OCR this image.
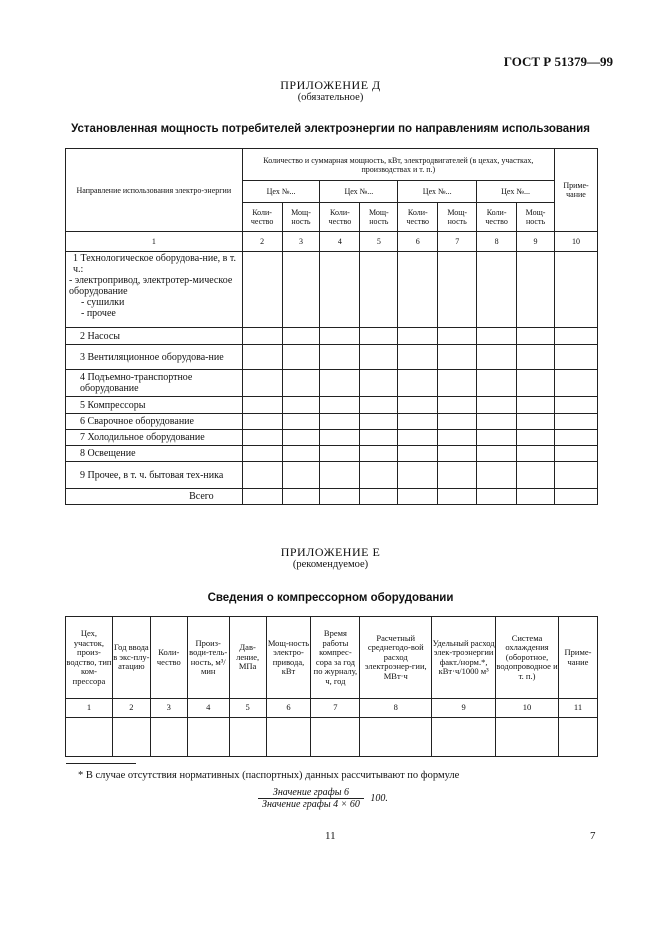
ГОСТ Р 51379—99
ПРИЛОЖЕНИЕ Д
(обязательное)
Установленная мощность потребителей электроэнергии по направлениям использования
Направление использования электро-энергии	Количество и суммарная мощность, кВт, электродвигателей (в цехах, участках, производствах и т. п.)								Приме-чание
	Цех №...		Цех №...		Цех №...		Цех №...		
	Коли-чество	Мощ-ность	Коли-чество	Мощ-ность	Коли-чество	Мощ-ность	Коли-чество	Мощ-ность	
1	2	3	4	5	6	7	8	9	10

1 Технологическое оборудова-ние, в т. ч.:
- электропривод, электротер-мическое оборудование
- сушилки
- прочее									

2 Насосы									
3 Вентиляционное оборудова-ние									
4 Подъемно-транспортное оборудование									
5 Компрессоры									
6 Сварочное оборудование									
7 Холодильное оборудование									
8 Освещение									
9 Прочее, в т. ч. бытовая тех-ника									
Всего									
ПРИЛОЖЕНИЕ Е
(рекомендуемое)
Сведения о компрессорном оборудовании
Цех, участок, произ-водство, тип ком-прессора	Год ввода в экс-плу-атацию	Коли-чество	Произ-води-тель-ность, м³/мин	Дав-ление, МПа	Мощ-ность электро-привода, кВт	Время работы компрес-сора за год по журналу, ч, год	Расчетный среднегодо-вой расход электроэнер-гии, МВт·ч	Удельный расход элек-троэнергии факт./норм.*, кВт·ч/1000 м³	Система охлаждения (оборотное, водопроводное и т. п.)	Приме-чание
1	2	3	4	5	6	7	8	9	10	11

* В случае отсутствия нормативных (паспортных) данных рассчитывают по формуле
$\frac{\text{Значение графы 6}}{\text{Значение графы 4 × 60}} 100$.
11	7
